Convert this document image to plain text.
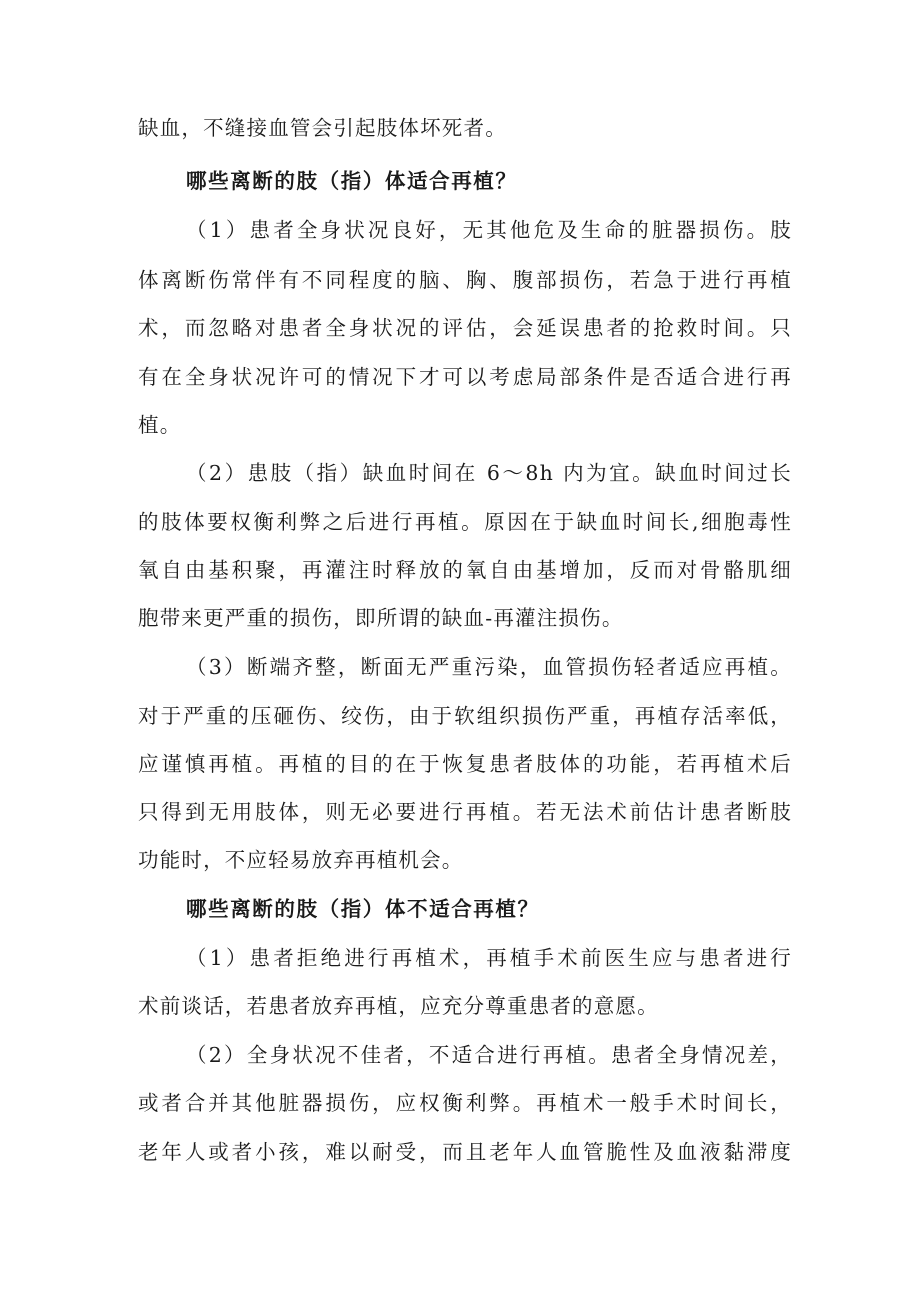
缺血，不缝接血管会引起肢体坏死者。
哪些离断的肢（指）体适合再植？
（1）患者全身状况良好，无其他危及生命的脏器损伤。肢
体离断伤常伴有不同程度的脑、胸、腹部损伤，若急于进行再植
术，而忽略对患者全身状况的评估，会延误患者的抢救时间。只
有在全身状况许可的情况下才可以考虑局部条件是否适合进行再
植。
（2）患肢（指）缺血时间在 6～8h 内为宜。缺血时间过长
的肢体要权衡利弊之后进行再植。原因在于缺血时间长,细胞毒性
氧自由基积聚，再灌注时释放的氧自由基增加，反而对骨骼肌细
胞带来更严重的损伤，即所谓的缺血-再灌注损伤。
（3）断端齐整，断面无严重污染，血管损伤轻者适应再植。
对于严重的压砸伤、绞伤，由于软组织损伤严重，再植存活率低，
应谨慎再植。再植的目的在于恢复患者肢体的功能，若再植术后
只得到无用肢体，则无必要进行再植。若无法术前估计患者断肢
功能时，不应轻易放弃再植机会。
哪些离断的肢（指）体不适合再植？
（1）患者拒绝进行再植术，再植手术前医生应与患者进行
术前谈话，若患者放弃再植，应充分尊重患者的意愿。
（2）全身状况不佳者，不适合进行再植。患者全身情况差，
或者合并其他脏器损伤，应权衡利弊。再植术一般手术时间长，
老年人或者小孩，难以耐受，而且老年人血管脆性及血液黏滞度
